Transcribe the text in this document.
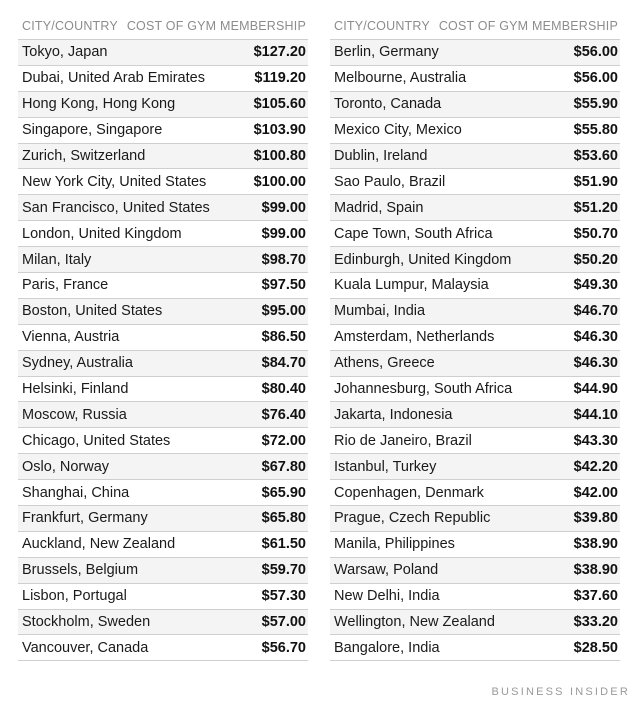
CITY/COUNTRY COST OF GYM MEMBERSHIP
Tokyo, Japan	$127.20
Dubai, United Arab Emirates	$119.20
Hong Kong, Hong Kong	$105.60
Singapore, Singapore	$103.90
Zurich, Switzerland	$100.80
New York City, United States	$100.00
San Francisco, United States	$99.00
London, United Kingdom	$99.00
Milan, Italy	$98.70
Paris, France	$97.50
Boston, United States	$95.00
Vienna, Austria	$86.50
Sydney, Australia	$84.70
Helsinki, Finland	$80.40
Moscow, Russia	$76.40
Chicago, United States	$72.00
Oslo, Norway	$67.80
Shanghai, China	$65.90
Frankfurt, Germany	$65.80
Auckland, New Zealand	$61.50
Brussels, Belgium	$59.70
Lisbon, Portugal	$57.30
Stockholm, Sweden	$57.00
Vancouver, Canada	$56.70
CITY/COUNTRY COST OF GYM MEMBERSHIP
Berlin, Germany	$56.00
Melbourne, Australia	$56.00
Toronto, Canada	$55.90
Mexico City, Mexico	$55.80
Dublin, Ireland	$53.60
Sao Paulo, Brazil	$51.90
Madrid, Spain	$51.20
Cape Town, South Africa	$50.70
Edinburgh, United Kingdom	$50.20
Kuala Lumpur, Malaysia	$49.30
Mumbai, India	$46.70
Amsterdam, Netherlands	$46.30
Athens, Greece	$46.30
Johannesburg, South Africa	$44.90
Jakarta, Indonesia	$44.10
Rio de Janeiro, Brazil	$43.30
Istanbul, Turkey	$42.20
Copenhagen, Denmark	$42.00
Prague, Czech Republic	$39.80
Manila, Philippines	$38.90
Warsaw, Poland	$38.90
New Delhi, India	$37.60
Wellington, New Zealand	$33.20
Bangalore, India	$28.50
BUSINESS INSIDER
